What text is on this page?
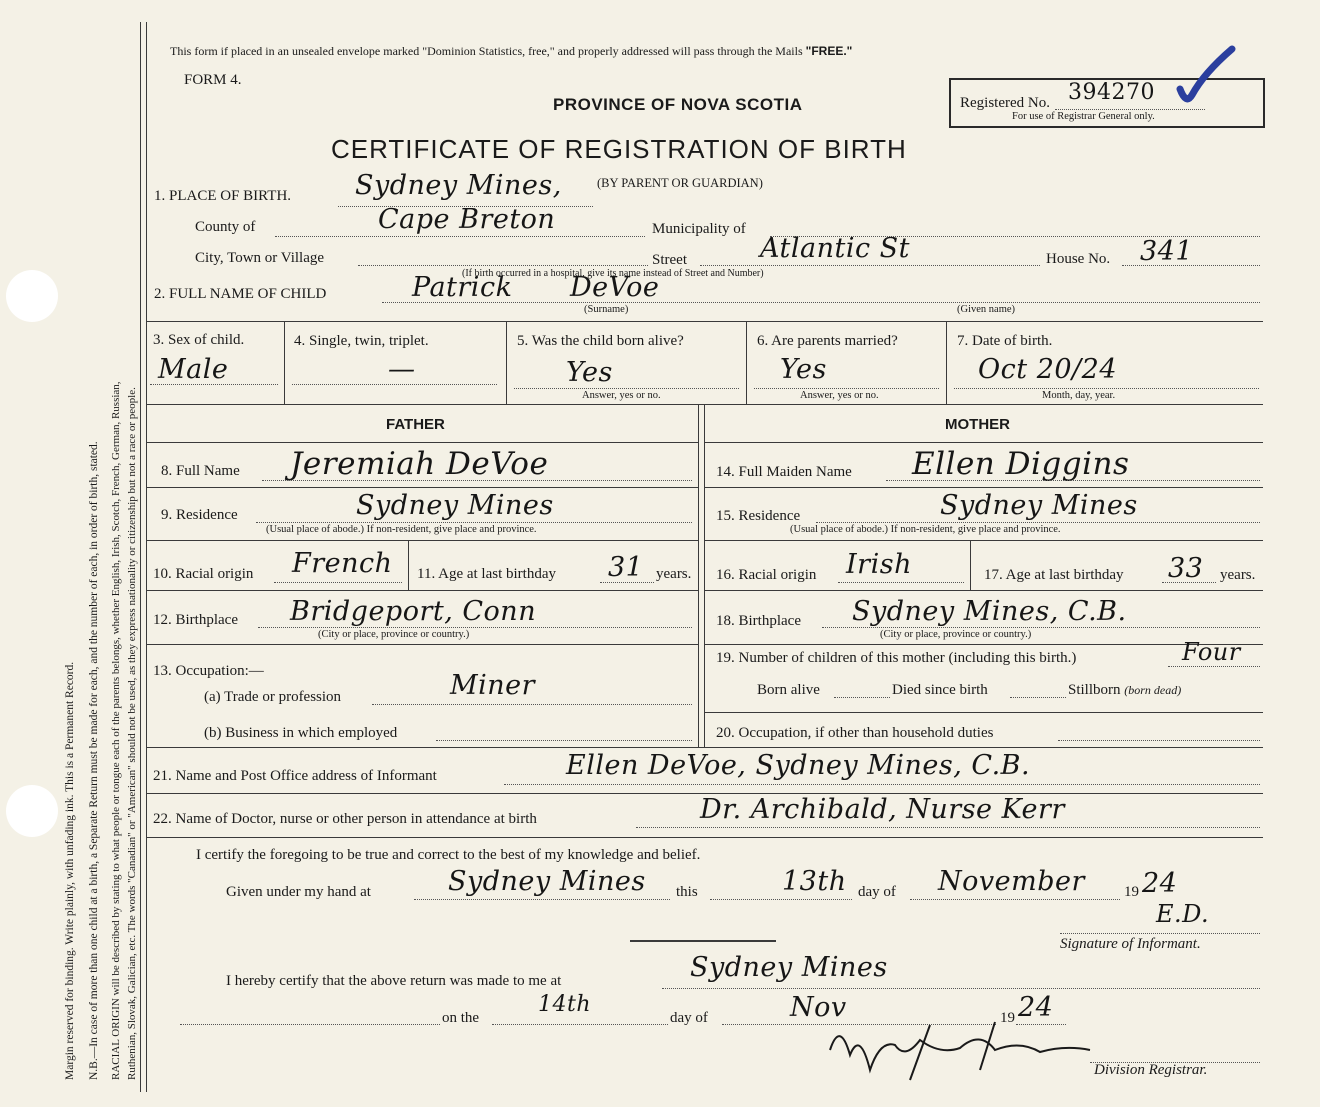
Margin reserved for binding. Write plainly, with unfading ink. This is a Permanent Record. N.B.—In case of more than one child at a birth, a Separate Return must be made for each, and the number of each, in order of birth, stated. RACIAL ORIGIN will be described by stating to what people or tongue each of the parents belongs, whether English, Irish, Scotch, French, German, Russian, Ruthenian, Slovak, Galician, etc. The words "Canadian" or "American" should not be used, as they express nationality or citizenship but not a race or people.
This form if placed in an unsealed envelope marked "Dominion Statistics, free," and properly addressed will pass through the Mails "FREE."
FORM 4.
PROVINCE OF NOVA SCOTIA	Registered No. 394270
For use of Registrar General only.
CERTIFICATE OF REGISTRATION OF BIRTH
(BY PARENT OR GUARDIAN)
1. PLACE OF BIRTH. Sydney Mines,
County of	Cape Breton	Municipality of
City, Town or Village	Street	Atlantic St	House No. 341
(If birth occurred in a hospital, give its name instead of Street and Number)
2. FULL NAME OF CHILD	Patrick DeVoe
(Surname)	(Given name)
3. Sex of child.
Male
4. Single, twin, triplet.
—
5. Was the child born alive?
Yes
Answer, yes or no.
6. Are parents married?
Yes
Answer, yes or no.
7. Date of birth.
Oct 20/24
Month, day, year.
FATHER
8. Full Name Jeremiah DeVoe
9. Residence	Sydney Mines
(Usual place of abode.) If non-resident, give place and province.
10. Racial origin French 11. Age at last birthday 31 years.
12. Birthplace Bridgeport, Conn
(City or place, province or country.)
13. Occupation:—
(a) Trade or profession	Miner
(b) Business in which employed
MOTHER
14. Full Maiden Name Ellen Diggins
15. Residence	Sydney Mines
(Usual place of abode.) If non-resident, give place and province.
16. Racial origin Irish	17. Age at last birthday 33 years.
18. Birthplace Sydney Mines, C.B.
(City or place, province or country.)
19. Number of children of this mother (including this birth.)	Four
Born alive	Died since birth	Stillborn (born dead)
20. Occupation, if other than household duties
21. Name and Post Office address of Informant	Ellen DeVoe, Sydney Mines, C.B.
22. Name of Doctor, nurse or other person in attendance at birth	Dr. Archibald, Nurse Kerr
I certify the foregoing to be true and correct to the best of my knowledge and belief.
Given under my hand at	Sydney Mines this	13th day of November	19 24
E.D.
Signature of Informant.
I hereby certify that the above return was made to me at	Sydney Mines
on the
14th
day of	Nov	19 24
Division Registrar.
